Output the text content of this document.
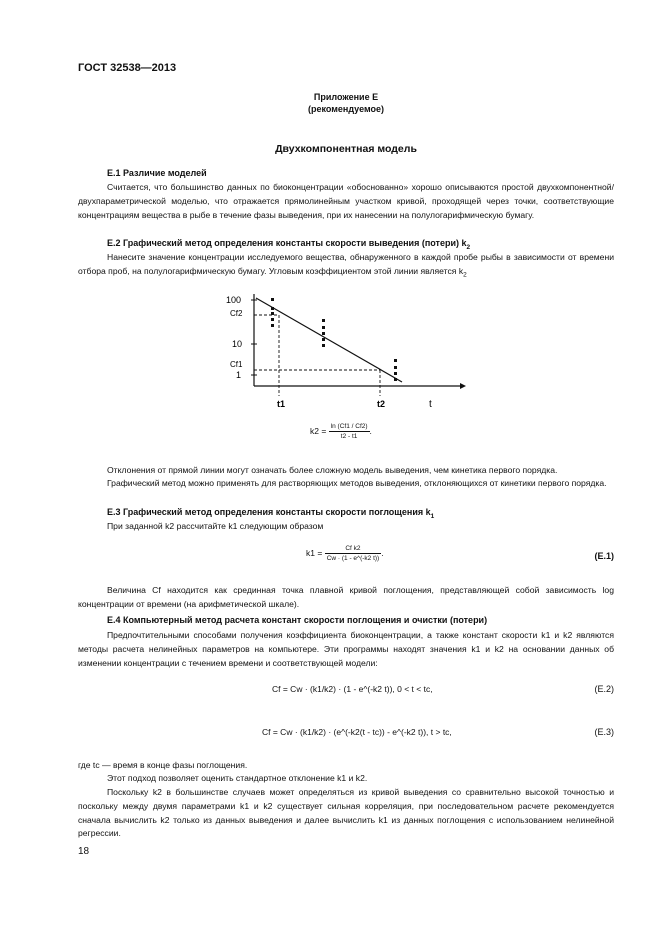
ГОСТ 32538—2013
Приложение Е
(рекомендуемое)
Двухкомпонентная модель
Е.1 Различие моделей
Считается, что большинство данных по биоконцентрации «обоснованно» хорошо описываются простой двухкомпонентной/двухпараметрической моделью, что отражается прямолинейным участком кривой, проходящей через точки, соответствующие концентрациям вещества в рыбе в течение фазы выведения, при их нанесении на полулогарифмическую бумагу.
Е.2 Графический метод определения константы скорости выведения (потери) $k_2$
Нанесите значение концентрации исследуемого вещества, обнаруженного в каждой пробе рыбы в зависимости от времени отбора проб, на полулогарифмическую бумагу. Угловым коэффициентом этой линии является $k_2$
100
10
1
Cf2
Cf1
t1	t2	t
$k2 = \frac{\ln (Cf1 / Cf2)}{t2 - t1}$ .
Отклонения от прямой линии могут означать более сложную модель выведения, чем кинетика первого порядка.
Графический метод можно применять для растворяющих методов выведения, отклоняющихся от кинетики первого порядка.
Е.3 Графический метод определения константы скорости поглощения $k_1$
При заданной k2 рассчитайте k1 следующим образом
$k1 = \frac{\text{Cf k2}}{Cw \cdot (1 - e\^{}(-k2 t))}$ .	(Е.1)
Величина Cf находится как срединная точка плавной кривой поглощения, представляющей собой зависимость log концентрации от времени (на арифметической шкале).
Е.4 Компьютерный метод расчета констант скорости поглощения и очистки (потери)
Предпочтительными способами получения коэффициента биоконцентрации, а также констант скорости k1 и k2 являются методы расчета нелинейных параметров на компьютере. Эти программы находят значения k1 и k2 на основании данных об изменении концентрации с течением времени и соответствующей модели:
Cf = Cw · (k1/k2) · (1 - e^(-k2 t)), 0 < t < tc,	(Е.2)
Cf = Cw · (k1/k2) · (e^(-k2(t - tc)) - e^(-k2 t)), t > tc,	(Е.3)
где tc — время в конце фазы поглощения.
Этот подход позволяет оценить стандартное отклонение k1 и k2.
Поскольку k2 в большинстве случаев может определяться из кривой выведения со сравнительно высокой точностью и поскольку между двумя параметрами k1 и k2 существует сильная корреляция, при последовательном расчете рекомендуется сначала вычислить k2 только из данных выведения и далее вычислить k1 из данных поглощения с использованием нелинейной регрессии.
18
